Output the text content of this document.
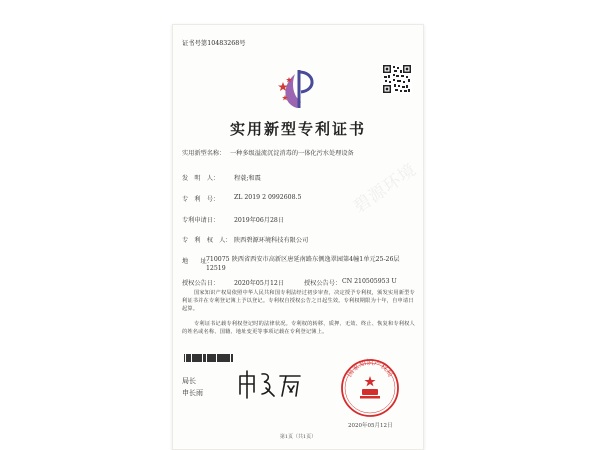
证书号第10483268号
实用新型专利证书
碧源环境
实用新型名称： 一种多级溢流沉淀消毒的一体化污水处理设备
发　明　人： 程蓑;和震
专　利　号： ZL 2019 2 0992608.5
专利申请日： 2019年06月28日
专　利　权　人： 陕西碧源环境科技有限公司
地　　址：
710075 陕西省西安市高新区唐延南路东侧逸翠园第4幢1单元25-26层12519
授权公告日： 2020年05月12日	授权公告号： CN 210505953 U
国家知识产权局依照中华人民共和国专利法经过初步审查，决定授予专利权，颁发实用新型专利证书并在专利登记簿上予以登记。专利权自授权公告之日起生效。专利权期限为十年，自申请日起算。
专利证书记载专利权登记时的法律状况。专利权的转移、质押、无效、终止、恢复和专利权人的姓名或名称、国籍、地址变更等事项记载在专利登记簿上。
局长
申长雨
国家知识产权局
2020年05月12日
第1页（共1页）
